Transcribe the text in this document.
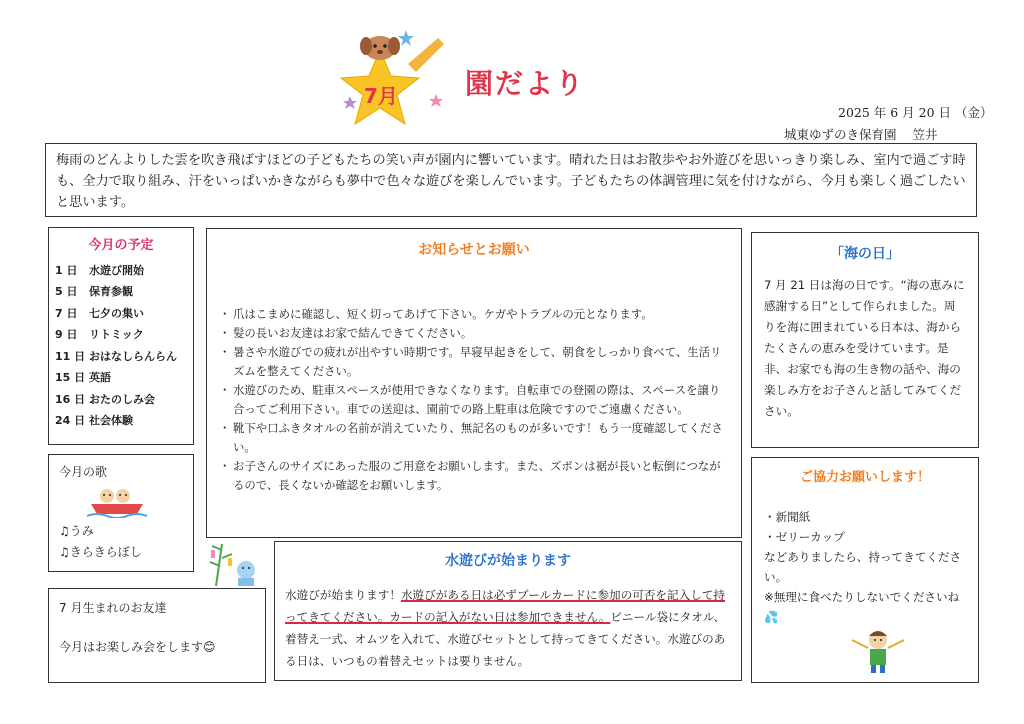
7月 園だより
2025 年 6 月 20 日 （金）
城東ゆずのき保育園 笠井
梅雨のどんよりした雲を吹き飛ばすほどの子どもたちの笑い声が園内に響いています。晴れた日はお散歩やお外遊びを思いっきり楽しみ、室内で過ごす時も、全力で取り組み、汗をいっぱいかきながらも夢中で色々な遊びを楽しんでいます。子どもたちの体調管理に気を付けながら、今月も楽しく過ごしたいと思います。
今月の予定
1 日	水遊び開始
5 日	保育参観
7 日	七夕の集い
9 日	リトミック
11 日 おはなしらんらん
15 日 英語
16 日 おたのしみ会
24 日 社会体験
今月の歌
♫うみ
♫きらきらぼし
7 月生まれのお友達
今月はお楽しみ会をします😊
お知らせとお願い
・ 爪はこまめに確認し、短く切ってあげて下さい。ケガやトラブルの元となります。
・ 髪の長いお友達はお家で結んできてください。
・ 暑さや水遊びでの疲れが出やすい時期です。早寝早起きをして、朝食をしっかり食べて、生活リズムを整えてください。
・ 水遊びのため、駐車スペースが使用できなくなります。自転車での登園の際は、スペースを譲り合ってご利用下さい。車での送迎は、園前での路上駐車は危険ですのでご遠慮ください。
・ 靴下や口ふきタオルの名前が消えていたり、無記名のものが多いです！もう一度確認してください。
・ お子さんのサイズにあった服のご用意をお願いします。また、ズボンは裾が長いと転倒につながるので、長くないか確認をお願いします。
水遊びが始まります
水遊びが始まります！水遊びがある日は必ずプールカードに参加の可否を記入して持ってきてください。カードの記入がない日は参加できません。ビニール袋にタオル、着替え一式、オムツを入れて、水遊びセットとして持ってきてください。水遊びのある日は、いつもの着替えセットは要りません。
「海の日」
7 月 21 日は海の日です。“海の恵みに感謝する日”として作られました。周りを海に囲まれている日本は、海からたくさんの恵みを受けています。是非、お家でも海の生き物の話や、海の楽しみ方をお子さんと話してみてください。
ご協力お願いします！
・新聞紙
・ゼリーカップ
などありましたら、持ってきてください。
※無理に食べたりしないでくださいね💦
